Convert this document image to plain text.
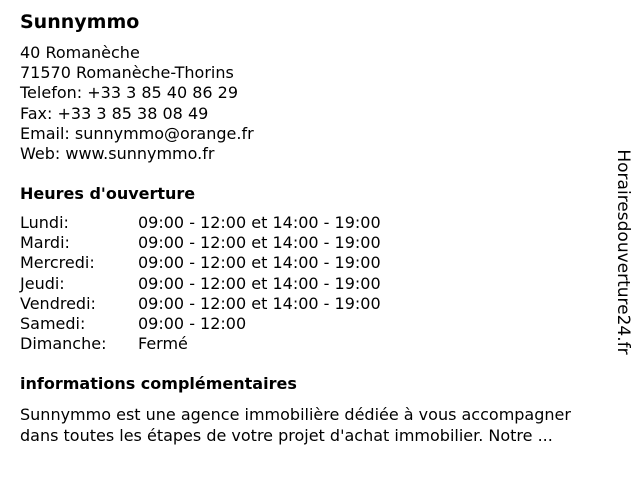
Sunnymmo
40 Romanèche
71570 Romanèche-Thorins
Telefon: +33 3 85 40 86 29
Fax: +33 3 85 38 08 49
Email: sunnymmo@orange.fr
Web: www.sunnymmo.fr
Heures d'ouverture
Lundi:	09:00 - 12:00 et 14:00 - 19:00
Mardi:	09:00 - 12:00 et 14:00 - 19:00
Mercredi:	09:00 - 12:00 et 14:00 - 19:00
Jeudi:	09:00 - 12:00 et 14:00 - 19:00
Vendredi:	09:00 - 12:00 et 14:00 - 19:00
Samedi:	09:00 - 12:00
Dimanche:	Fermé
informations complémentaires
Sunnymmo est une agence immobilière dédiée à vous accompagner
dans toutes les étapes de votre projet d'achat immobilier. Notre ...
Horairesdouverture24.fr
